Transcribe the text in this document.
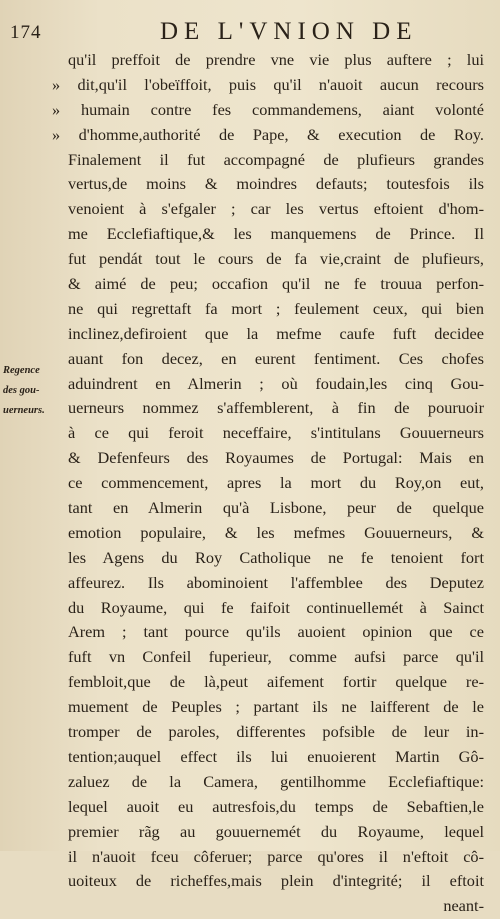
174	DE L'VNION DE
Regence
des gou-
uerneurs.
qu'il preffoit de prendre vne vie plus auftere ; lui
» dit,qu'il l'obeïffoit, puis qu'il n'auoit aucun recours
» humain contre fes commandemens, aiant volonté
» d'homme,authorité de Pape, & execution de Roy.
Finalement il fut accompagné de plufieurs grandes
vertus,de moins & moindres defauts; toutesfois ils
venoient à s'efgaler ; car les vertus eftoient d'hom-
me Ecclefiaftique,& les manquemens de Prince. Il
fut pendát tout le cours de fa vie,craint de plufieurs,
& aimé de peu; occafion qu'il ne fe trouua perfon-
ne qui regrettaft fa mort ; feulement ceux, qui bien
inclinez,defiroient que la mefme caufe fuft decidee
auant fon decez, en eurent fentiment. Ces chofes
aduindrent en Almerin ; où foudain,les cinq Gou-
uerneurs nommez s'affemblerent, à fin de pouruoir
à ce qui feroit neceffaire, s'intitulans Gouuerneurs
& Defenfeurs des Royaumes de Portugal: Mais en
ce commencement, apres la mort du Roy,on eut,
tant en Almerin qu'à Lisbone, peur de quelque
emotion populaire, & les mefmes Gouuerneurs, &
les Agens du Roy Catholique ne fe tenoient fort
affeurez. Ils abominoient l'affemblee des Deputez
du Royaume, qui fe faifoit continuellemét à Sainct
Arem ; tant pource qu'ils auoient opinion que ce
fuft vn Confeil fuperieur, comme aufsi parce qu'il
fembloit,que de là,peut aifement fortir quelque re-
muement de Peuples ; partant ils ne laifferent de le
tromper de paroles, differentes pofsible de leur in-
tention;auquel effect ils lui enuoierent Martin Gô-
zaluez de la Camera, gentilhomme Ecclefiaftique:
lequel auoit eu autresfois,du temps de Sebaftien,le
premier rãg au gouuernemét du Royaume, lequel
il n'auoit fceu côferuer; parce qu'ores il n'eftoit cô-
uoiteux de richeffes,mais plein d'integrité; il eftoit
neant-
